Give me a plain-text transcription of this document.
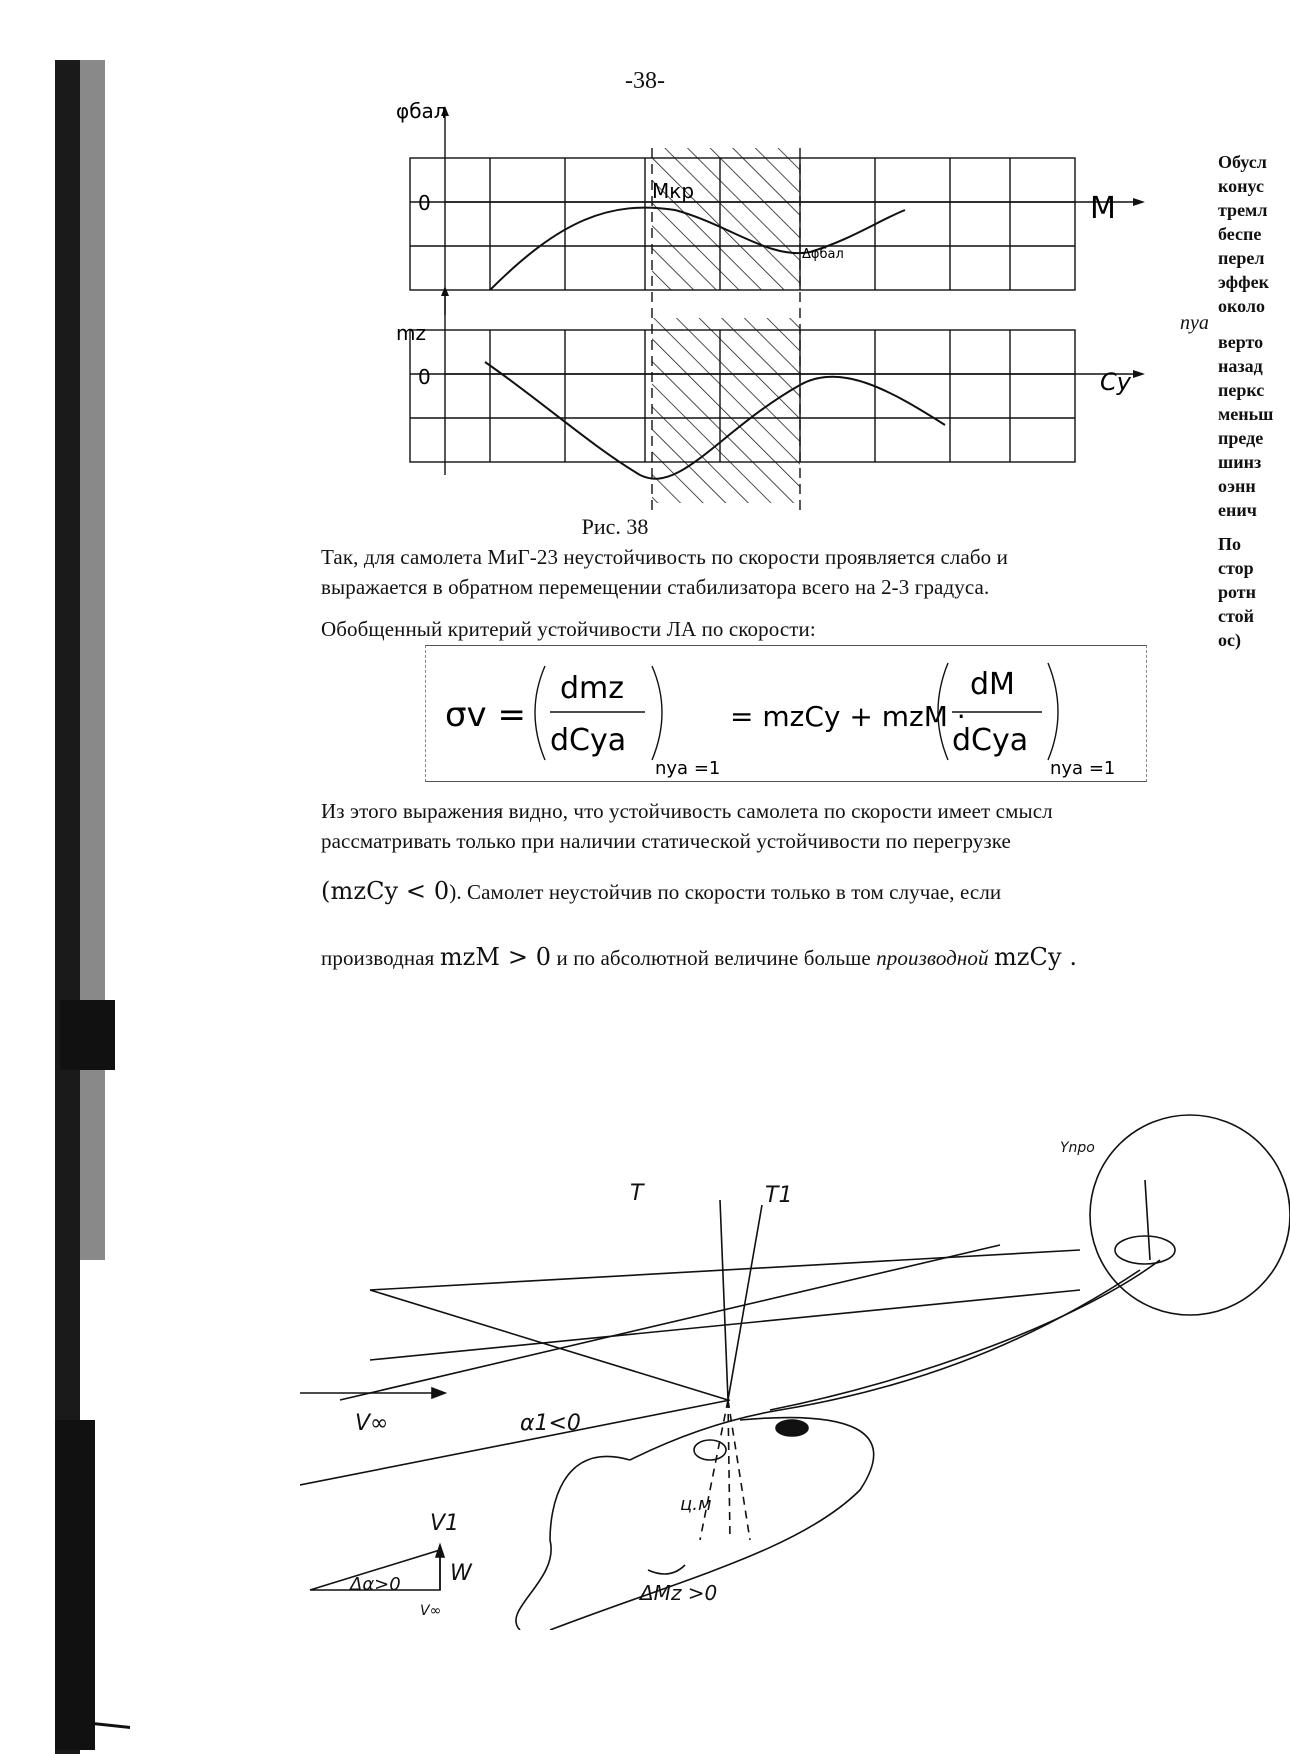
-38-
φбал
0	M
Mкр
Δφбал
mz
0	Cy
Рис. 38
Так, для самолета МиГ-23 неустойчивость по скорости проявляется слабо и
выражается в обратном перемещении стабилизатора всего на 2-3 градуса.
Обобщенный критерий устойчивости ЛА по скорости:
σv =
dmz
dCya
nya =1
= mzCy + mzM ·
dM
dCya
nya =1
Из этого выражения видно, что устойчивость самолета по скорости имеет смысл
рассматривать только при наличии статической устойчивости по перегрузке
(mzCy < 0). Самолет неустойчив по скорости только в том случае, если
производная mzM > 0 и по абсолютной величине больше производной mzCy .
Обусл
конус
тремл
беспе
перел
эффек
около
верто
назад
перкс
меньш
преде
шинз
оэнн
енич
По
стор
ротн
стой
ос)
nya
T	T1
V∞	α1<0
V1
W
Δα>0
V∞
ц.м
ΔMz >0
Ynpo
